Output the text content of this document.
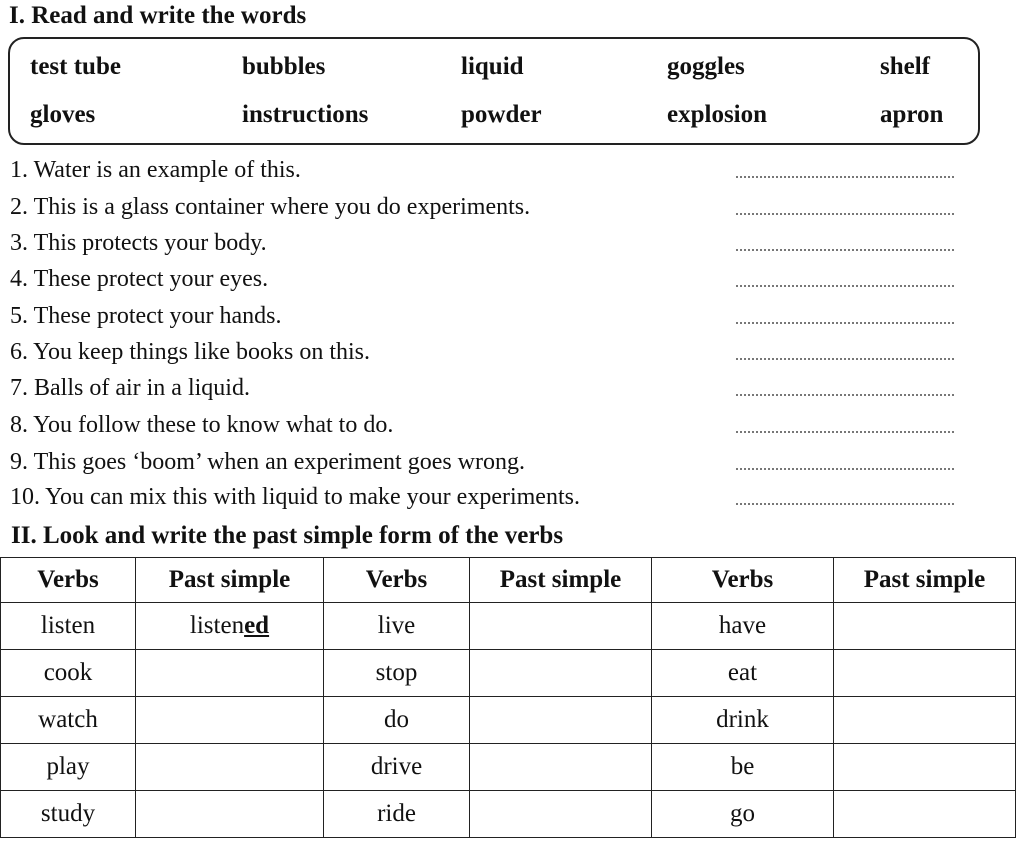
I. Read and write the words
test tube	bubbles	liquid	goggles	shelf
gloves	instructions	powder	explosion	apron
1. Water is an example of this.
2. This is a glass container where you do experiments.
3. This protects your body.
4. These protect your eyes.
5. These protect your hands.
6. You keep things like books on this.
7. Balls of air in a liquid.
8. You follow these to know what to do.
9. This goes ‘boom’ when an experiment goes wrong.
10. You can mix this with liquid to make your experiments.
II. Look and write the past simple form of the verbs
Verbs	Past simple	Verbs	Past simple	Verbs	Past simple
listen	listened	live		have	
cook		stop		eat	
watch		do		drink	
play		drive		be	
study		ride		go	
